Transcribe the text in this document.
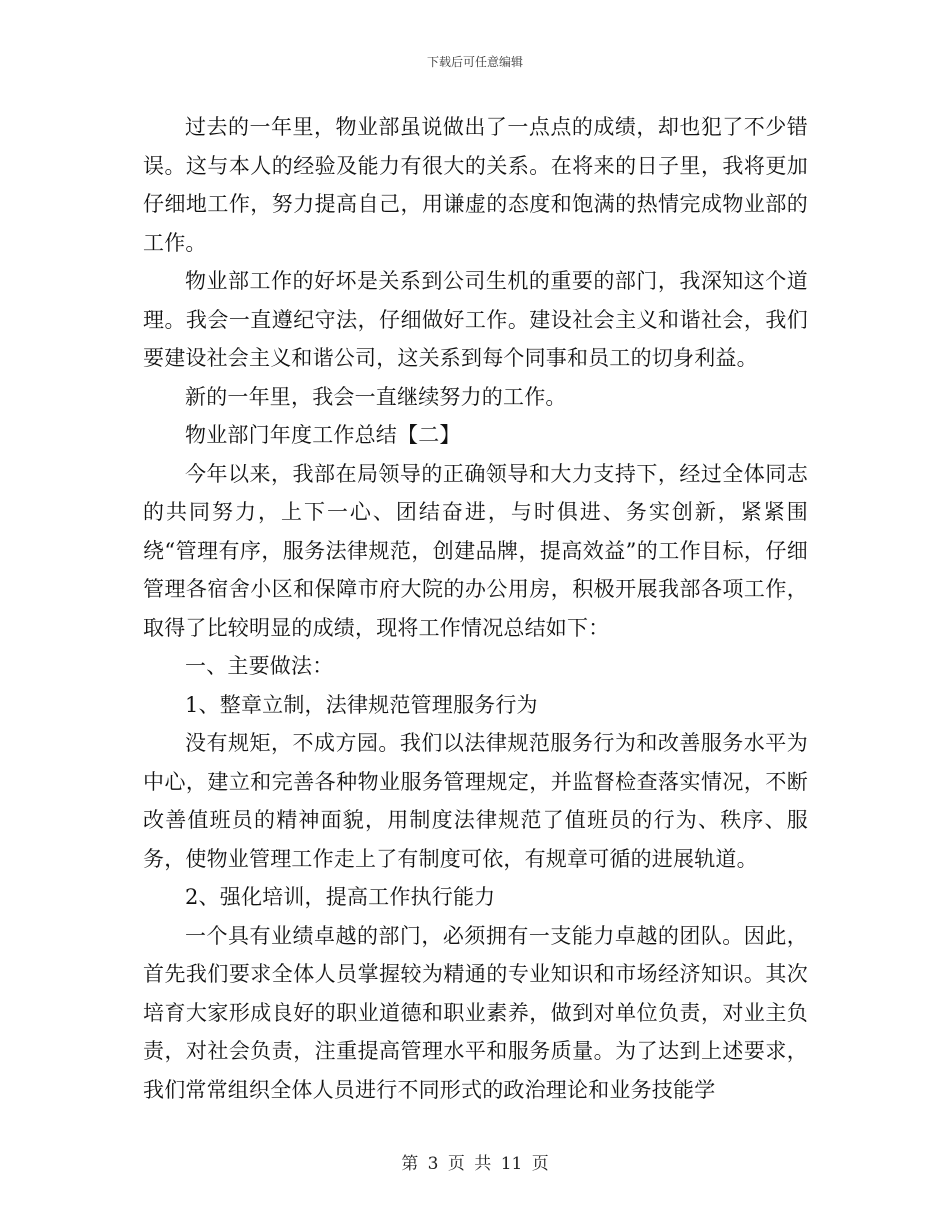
下载后可任意编辑

过去的一年里，物业部虽说做出了一点点的成绩，却也犯了不少错误。这与本人的经验及能力有很大的关系。在将来的日子里，我将更加仔细地工作，努力提高自己，用谦虚的态度和饱满的热情完成物业部的工作。

物业部工作的好坏是关系到公司生机的重要的部门，我深知这个道理。我会一直遵纪守法，仔细做好工作。建设社会主义和谐社会，我们要建设社会主义和谐公司，这关系到每个同事和员工的切身利益。

新的一年里，我会一直继续努力的工作。

物业部门年度工作总结【二】

今年以来，我部在局领导的正确领导和大力支持下，经过全体同志的共同努力，上下一心、团结奋进，与时俱进、务实创新，紧紧围绕“管理有序，服务法律规范，创建品牌，提高效益”的工作目标，仔细管理各宿舍小区和保障市府大院的办公用房，积极开展我部各项工作，取得了比较明显的成绩，现将工作情况总结如下：

一、主要做法：

1、整章立制，法律规范管理服务行为

没有规矩，不成方园。我们以法律规范服务行为和改善服务水平为中心，建立和完善各种物业服务管理规定，并监督检查落实情况，不断改善值班员的精神面貌，用制度法律规范了值班员的行为、秩序、服务，使物业管理工作走上了有制度可依，有规章可循的进展轨道。

2、强化培训，提高工作执行能力

一个具有业绩卓越的部门，必须拥有一支能力卓越的团队。因此，首先我们要求全体人员掌握较为精通的专业知识和市场经济知识。其次培育大家形成良好的职业道德和职业素养，做到对单位负责，对业主负责，对社会负责，注重提高管理水平和服务质量。为了达到上述要求，我们常常组织全体人员进行不同形式的政治理论和业务技能学

第 3 页 共 11 页
